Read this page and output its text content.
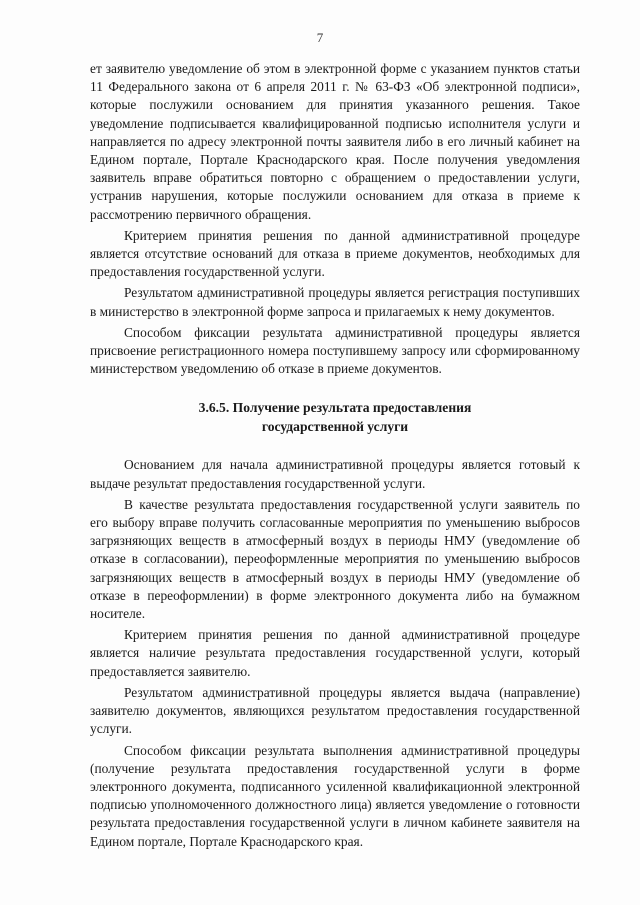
7

ет заявителю уведомление об этом в электронной форме с указанием пунктов статьи 11 Федерального закона от 6 апреля 2011 г. № 63-ФЗ «Об электронной подписи», которые послужили основанием для принятия указанного решения. Такое уведомление подписывается квалифицированной подписью исполнителя услуги и направляется по адресу электронной почты заявителя либо в его личный кабинет на Едином портале, Портале Краснодарского края. После получения уведомления заявитель вправе обратиться повторно с обращением о предоставлении услуги, устранив нарушения, которые послужили основанием для отказа в приеме к рассмотрению первичного обращения.

Критерием принятия решения по данной административной процедуре является отсутствие оснований для отказа в приеме документов, необходимых для предоставления государственной услуги.

Результатом административной процедуры является регистрация поступивших в министерство в электронной форме запроса и прилагаемых к нему документов.

Способом фиксации результата административной процедуры является присвоение регистрационного номера поступившему запросу или сформированному министерством уведомлению об отказе в приеме документов.

3.6.5. Получение результата предоставления
государственной услуги

Основанием для начала административной процедуры является готовый к выдаче результат предоставления государственной услуги.

В качестве результата предоставления государственной услуги заявитель по его выбору вправе получить согласованные мероприятия по уменьшению выбросов загрязняющих веществ в атмосферный воздух в периоды НМУ (уведомление об отказе в согласовании), переоформленные мероприятия по уменьшению выбросов загрязняющих веществ в атмосферный воздух в периоды НМУ (уведомление об отказе в переоформлении) в форме электронного документа либо на бумажном носителе.

Критерием принятия решения по данной административной процедуре является наличие результата предоставления государственной услуги, который предоставляется заявителю.

Результатом административной процедуры является выдача (направление) заявителю документов, являющихся результатом предоставления государственной услуги.

Способом фиксации результата выполнения административной процедуры (получение результата предоставления государственной услуги в форме электронного документа, подписанного усиленной квалификационной электронной подписью уполномоченного должностного лица) является уведомление о готовности результата предоставления государственной услуги в личном кабинете заявителя на Едином портале, Портале Краснодарского края.
